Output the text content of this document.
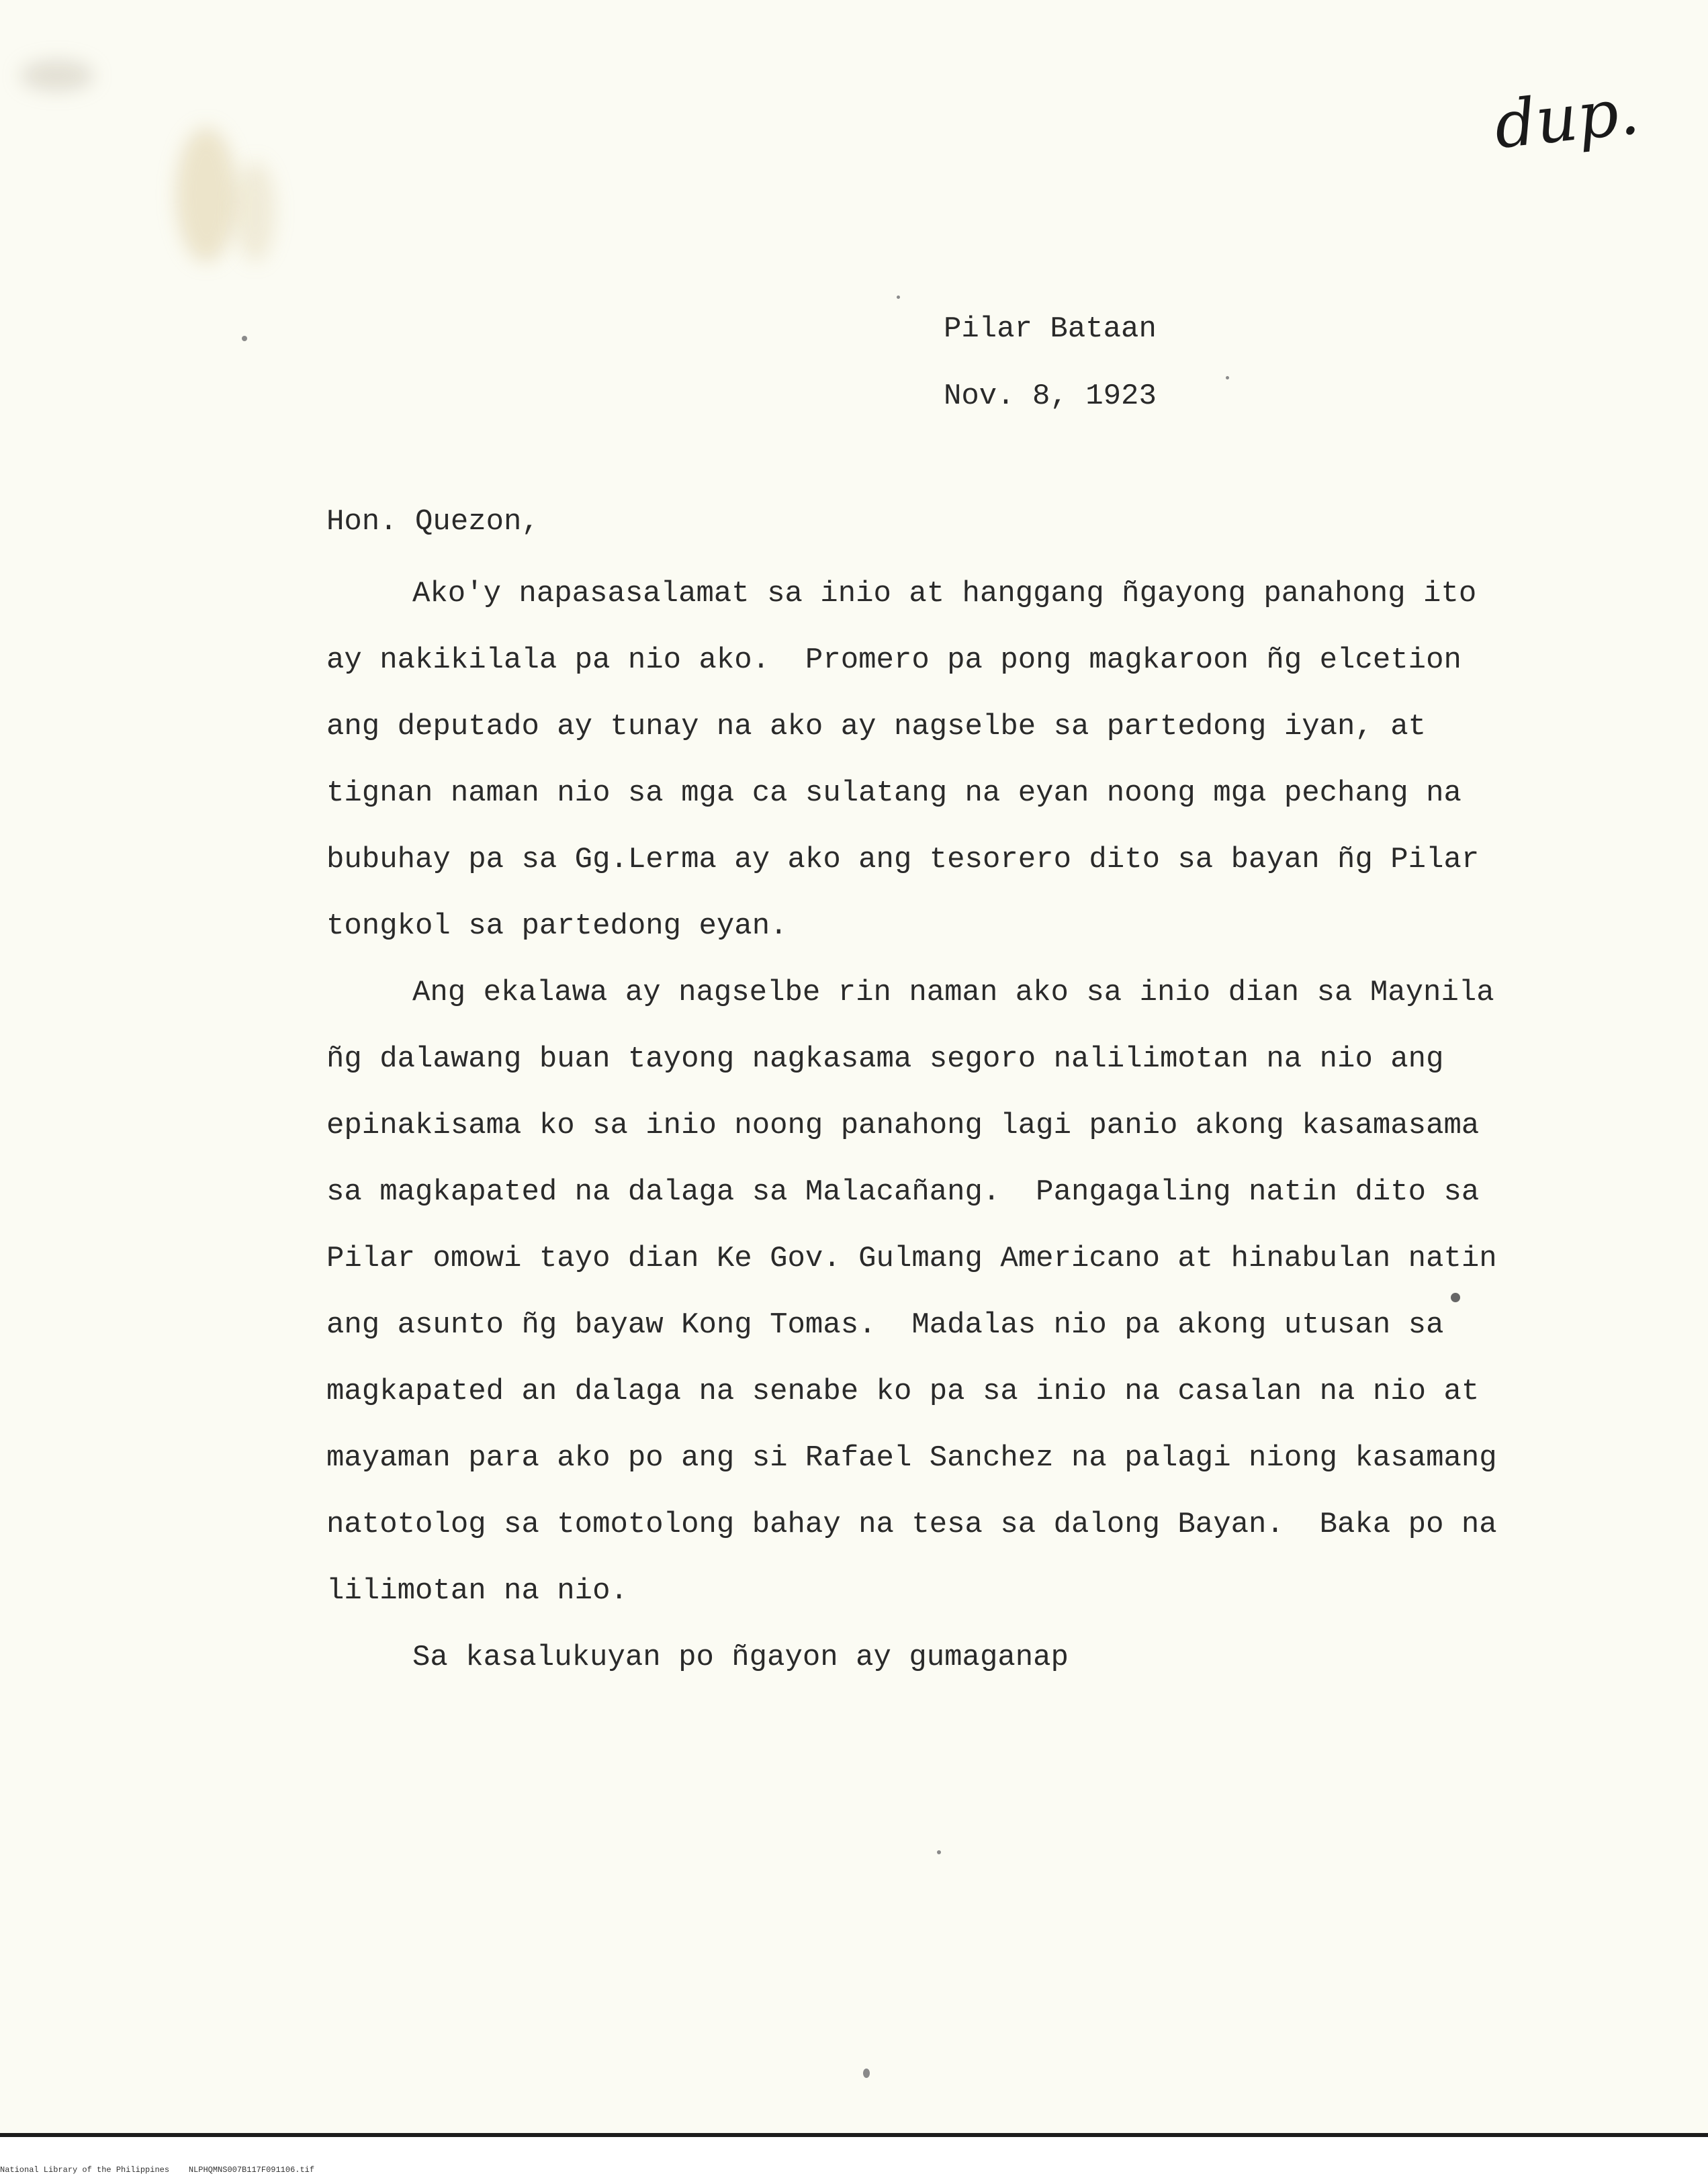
dup.
Pilar Bataan
Nov. 8, 1923
Hon. Quezon,
Ako'y napasasalamat sa inio at hanggang ñgayong panahong ito
ay nakikilala pa nio ako.  Promero pa pong magkaroon ñg elcetion
ang deputado ay tunay na ako ay nagselbe sa partedong iyan, at
tignan naman nio sa mga ca sulatang na eyan noong mga pechang na
bubuhay pa sa Gg.Lerma ay ako ang tesorero dito sa bayan ñg Pilar
tongkol sa partedong eyan.
Ang ekalawa ay nagselbe rin naman ako sa inio dian sa Maynila
ñg dalawang buan tayong nagkasama segoro nalilimotan na nio ang
epinakisama ko sa inio noong panahong lagi panio akong kasamasama
sa magkapated na dalaga sa Malacañang.  Pangagaling natin dito sa
Pilar omowi tayo dian Ke Gov. Gulmang Americano at hinabulan natin
ang asunto ñg bayaw Kong Tomas.  Madalas nio pa akong utusan sa
magkapated an dalaga na senabe ko pa sa inio na casalan na nio at
mayaman para ako po ang si Rafael Sanchez na palagi niong kasamang
natotolog sa tomotolong bahay na tesa sa dalong Bayan.  Baka po na
lilimotan na nio.
Sa kasalukuyan po ñgayon ay gumaganap
National Library of the Philippines    NLPHQMNS007B117F091106.tif
